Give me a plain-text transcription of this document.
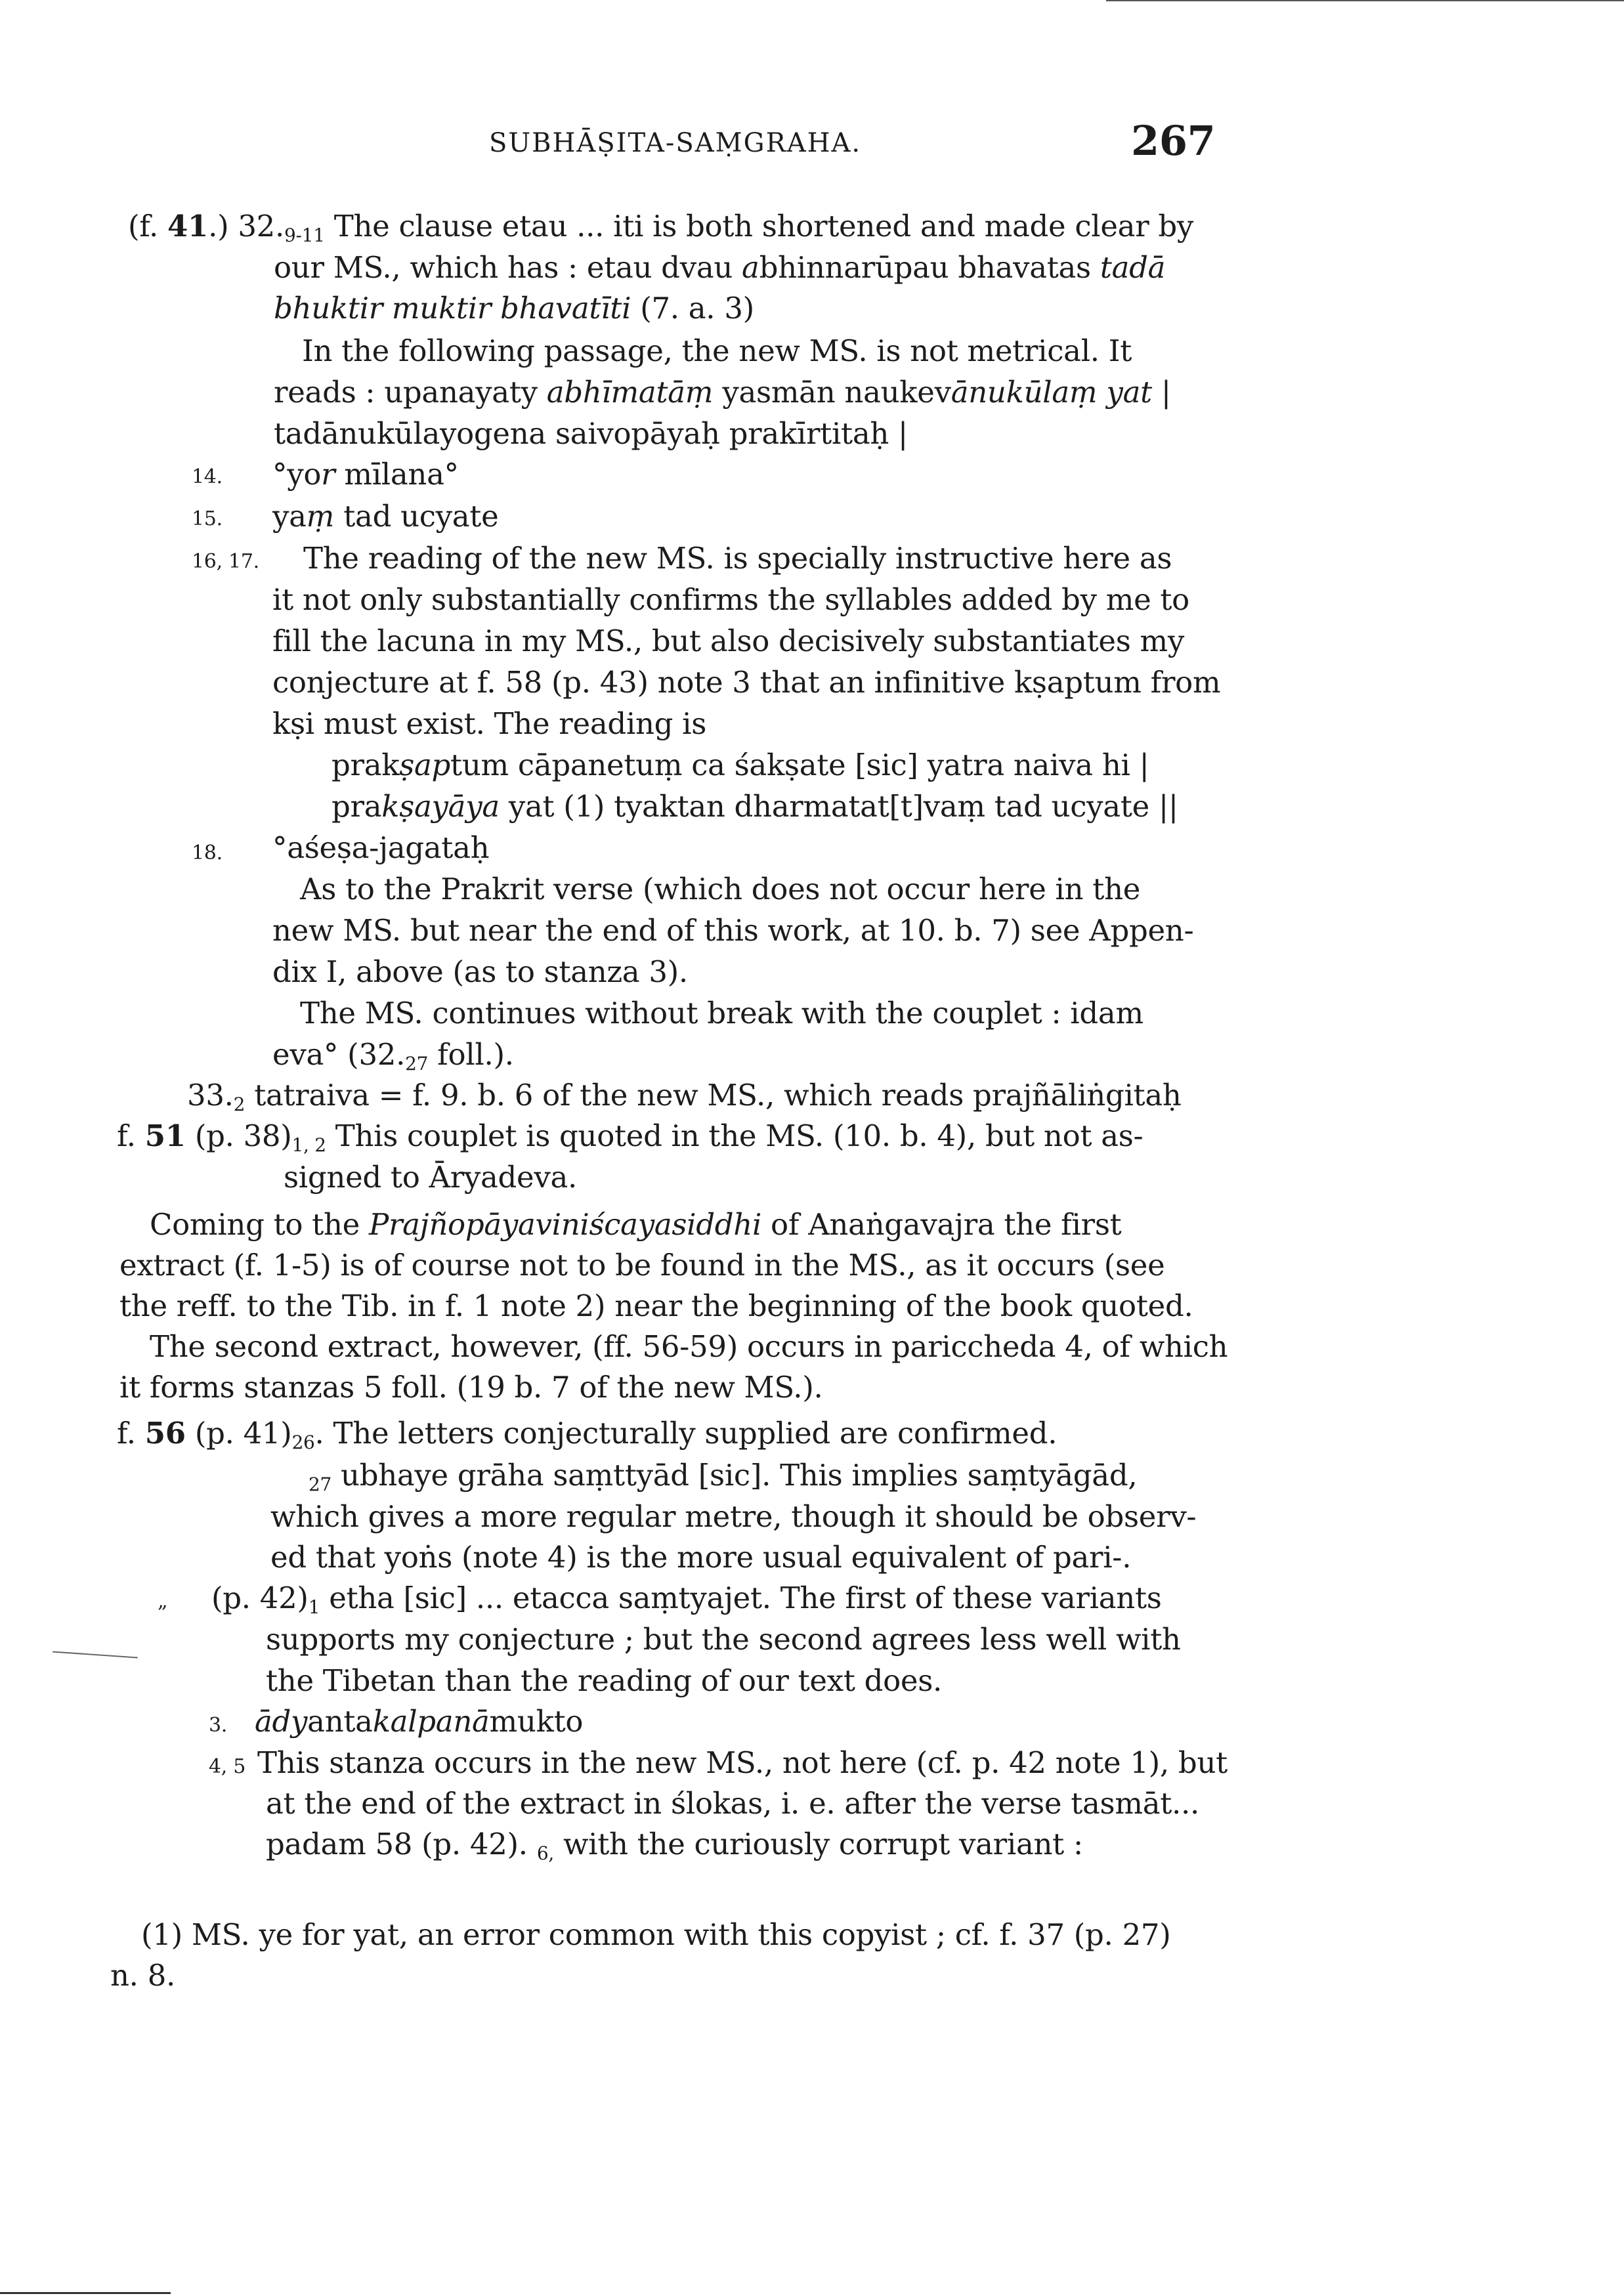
SUBHĀṢITA-SAṂGRAHA.	267
(f. 41.) 32.9-11 The clause etau ... iti is both shortened and made clear by
our MS., which has : etau dvau abhinnarūpau bhavatas tadā
bhuktir muktir bhavatīti (7. a. 3)
In the following passage, the new MS. is not metrical. It
reads : upanayaty abhīmatāṃ yasmān naukevānukūlaṃ yat |
tadānukūlayogena saivopāyaḥ prakīrtitaḥ |
14. °yor mīlana°
15. yaṃ tad ucyate
16, 17. The reading of the new MS. is specially instructive here as
it not only substantially confirms the syllables added by me to
fill the lacuna in my MS., but also decisively substantiates my
conjecture at f. 58 (p. 43) note 3 that an infinitive kṣaptum from
kṣi must exist. The reading is
prakṣaptum cāpanetuṃ ca śakṣate [sic] yatra naiva hi |
prakṣayāya yat (1) tyaktan dharmatat[t]vaṃ tad ucyate ||
18. °aśeṣa-jagataḥ
As to the Prakrit verse (which does not occur here in the
new MS. but near the end of this work, at 10. b. 7) see Appen-
dix I, above (as to stanza 3).
The MS. continues without break with the couplet : idam
eva° (32.27 foll.).
33.2 tatraiva = f. 9. b. 6 of the new MS., which reads prajñāliṅgitaḥ
f. 51 (p. 38)1, 2 This couplet is quoted in the MS. (10. b. 4), but not as-
signed to Āryadeva.
Coming to the Prajñopāyaviniścayasiddhi of Anaṅgavajra the first
extract (f. 1-5) is of course not to be found in the MS., as it occurs (see
the reff. to the Tib. in f. 1 note 2) near the beginning of the book quoted.
The second extract, however, (ff. 56-59) occurs in pariccheda 4, of which
it forms stanzas 5 foll. (19 b. 7 of the new MS.).
f. 56 (p. 41)26. The letters conjecturally supplied are confirmed.
27 ubhaye grāha saṃttyād [sic]. This implies saṃtyāgād,
which gives a more regular metre, though it should be observ-
ed that yoṅs (note 4) is the more usual equivalent of pari-.
„ (p. 42)1 etha [sic] ... etacca saṃtyajet. The first of these variants
supports my conjecture ; but the second agrees less well with
the Tibetan than the reading of our text does.
3. ādyantakalpanāmukto
4, 5 This stanza occurs in the new MS., not here (cf. p. 42 note 1), but
at the end of the extract in ślokas, i. e. after the verse tasmāt...
padam 58 (p. 42). 6, with the curiously corrupt variant :
(1) MS. ye for yat, an error common with this copyist ; cf. f. 37 (p. 27)
n. 8.
